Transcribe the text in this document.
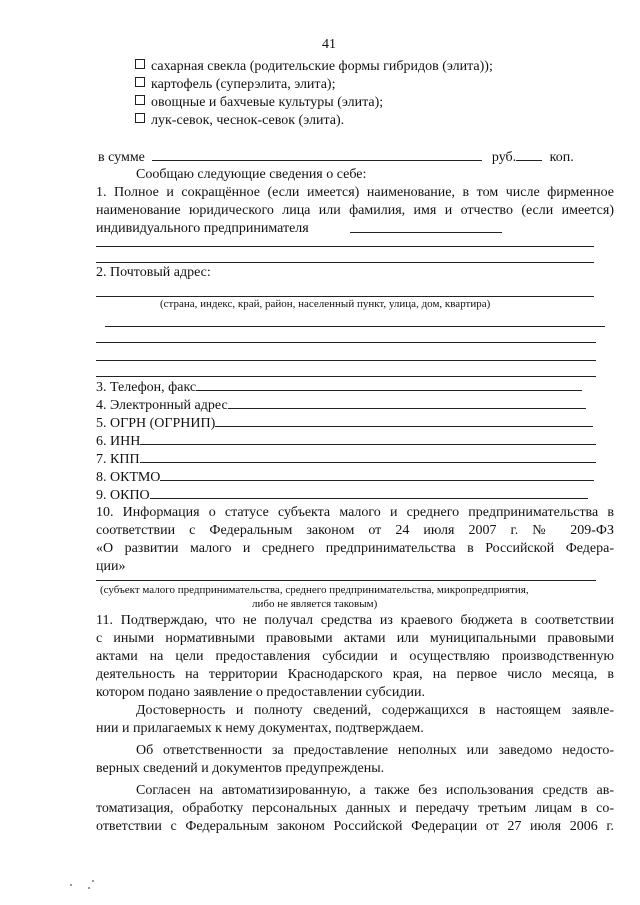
41
сахарная свекла (родительские формы гибридов (элита));
картофель (суперэлита, элита);
овощные и бахчевые культуры (элита);
лук-севок, чеснок-севок (элита).
в сумме	руб. коп.
Сообщаю следующие сведения о себе:
1. Полное и сокращённое (если имеется) наименование, в том числе фирменное
наименование юридического лица или фамилия, имя и отчество (если имеется)
индивидуального предпринимателя
2. Почтовый адрес:
(страна, индекс, край, район, населенный пункт, улица, дом, квартира)
3. Телефон, факс
4. Электронный адрес
5. ОГРН (ОГРНИП)
6. ИНН
7. КПП
8. ОКТМО
9. ОКПО
10. Информация о статусе субъекта малого и среднего предпринимательства в
соответствии с Федеральным законом от 24 июля 2007 г. № 209-ФЗ
«О развитии малого и среднего предпринимательства в Российской Федера-
ции»
(субъект малого предпринимательства, среднего предпринимательства, микропредприятия,
либо не является таковым)
11. Подтверждаю, что не получал средства из краевого бюджета в соответствии
с иными нормативными правовыми актами или муниципальными правовыми
актами на цели предоставления субсидии и осуществляю производственную
деятельность на территории Краснодарского края, на первое число месяца, в
котором подано заявление о предоставлении субсидии.
Достоверность и полноту сведений, содержащихся в настоящем заявле-
нии и прилагаемых к нему документах, подтверждаем.
Об ответственности за предоставление неполных или заведомо недосто-
верных сведений и документов предупреждены.
Согласен на автоматизированную, а также без использования средств ав-
томатизация, обработку персональных данных и передачу третьим лицам в со-
ответствии с Федеральным законом Российской Федерации от 27 июля 2006 г.
